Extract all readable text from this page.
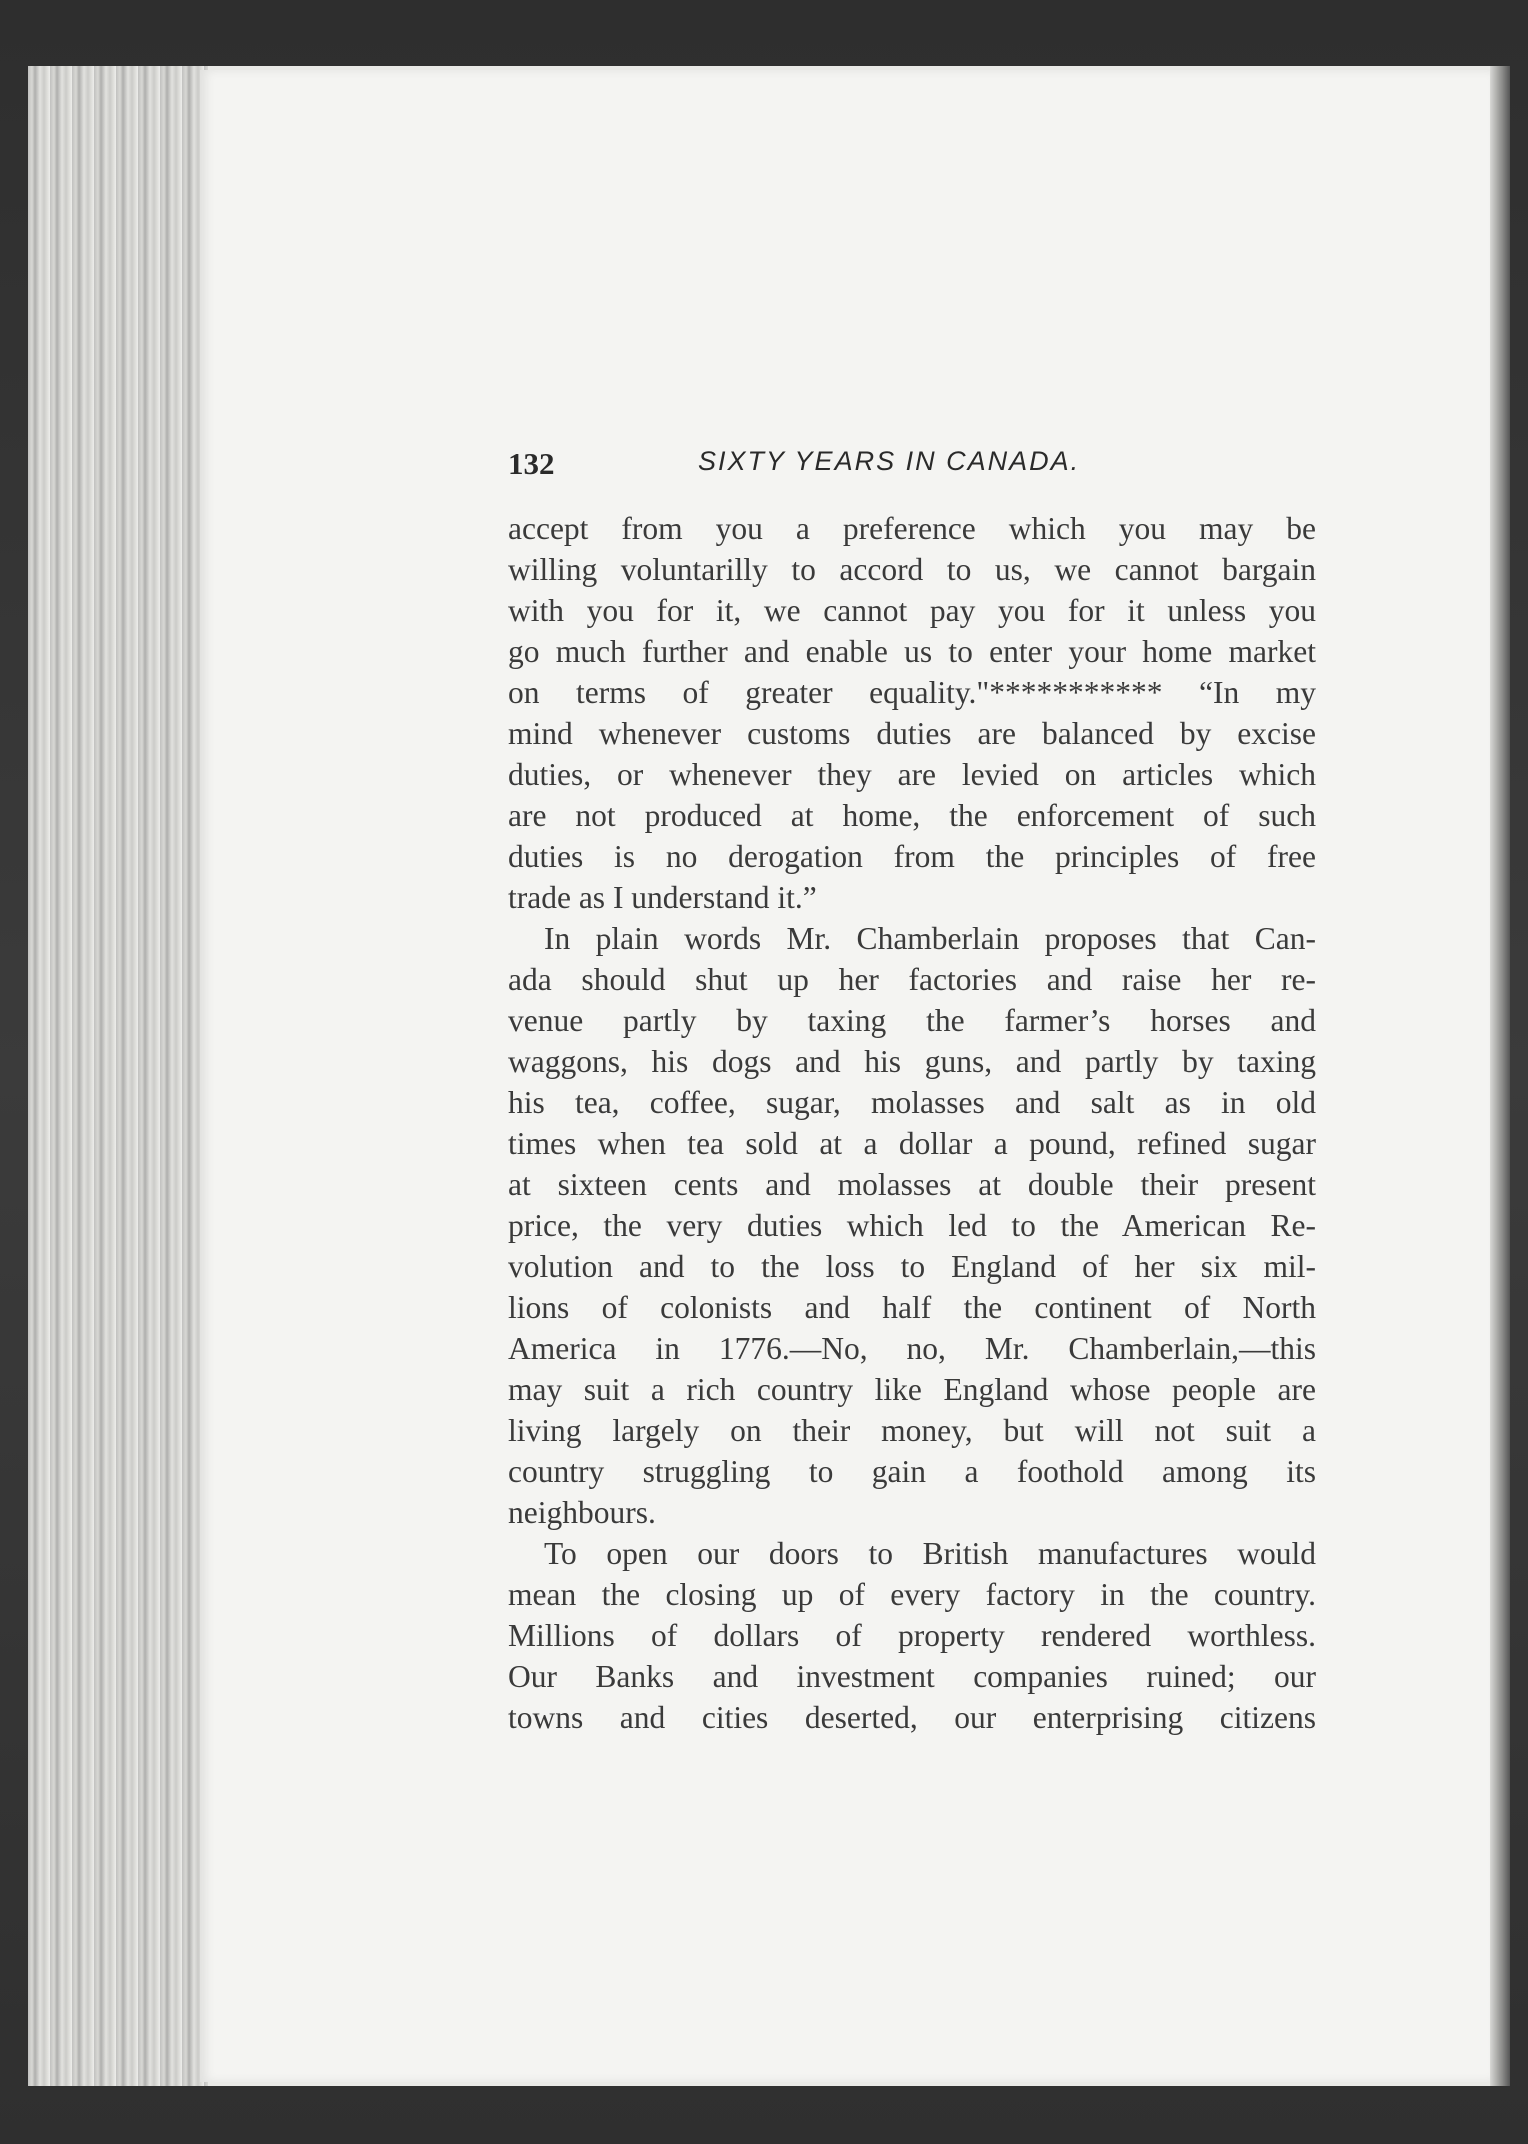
132	SIXTY YEARS IN CANADA.
accept from you a preference which you may be
willing voluntarilly to accord to us, we cannot bargain
with you for it, we cannot pay you for it unless you
go much further and enable us to enter your home market
on terms of greater equality."*********** “In my
mind whenever customs duties are balanced by excise
duties, or whenever they are levied on articles which
are not produced at home, the enforcement of such
duties is no derogation from the principles of free
trade as I understand it.”
In plain words Mr. Chamberlain proposes that Can-
ada should shut up her factories and raise her re-
venue partly by taxing the farmer’s horses and
waggons, his dogs and his guns, and partly by taxing
his tea, coffee, sugar, molasses and salt as in old
times when tea sold at a dollar a pound, refined sugar
at sixteen cents and molasses at double their present
price, the very duties which led to the American Re-
volution and to the loss to England of her six mil-
lions of colonists and half the continent of North
America in 1776.—No, no, Mr. Chamberlain,—this
may suit a rich country like England whose people are
living largely on their money, but will not suit a
country struggling to gain a foothold among its
neighbours.
To open our doors to British manufactures would
mean the closing up of every factory in the country.
Millions of dollars of property rendered worthless.
Our Banks and investment companies ruined; our
towns and cities deserted, our enterprising citizens
